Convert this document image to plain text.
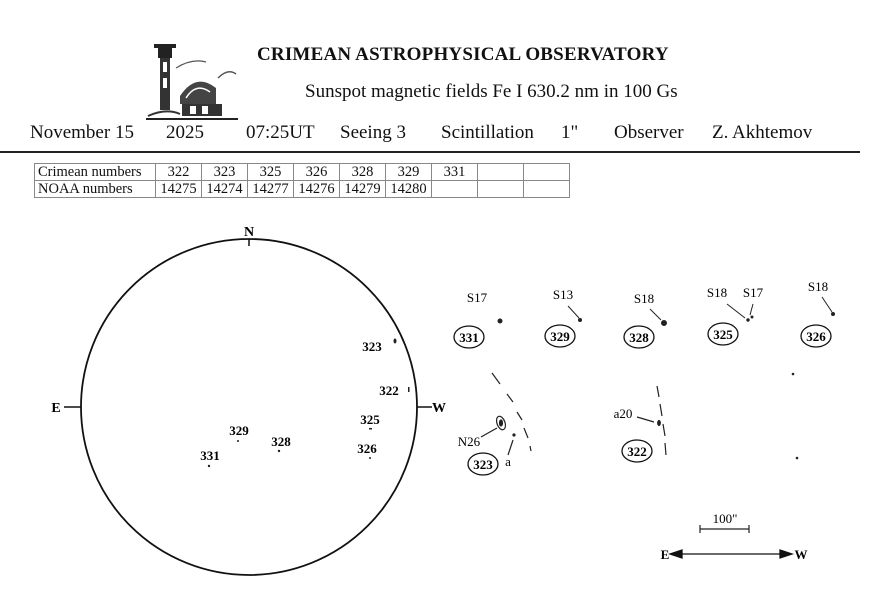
CRIMEAN ASTROPHYSICAL OBSERVATORY
Sunspot magnetic fields Fe I 630.2 nm in 100 Gs
November 15 2025 07:25UT Seeing 3 Scintillation 1" Observer Z. Akhtemov
Crimean numbers	322	323	325	326	328	329	331		
NOAA numbers	14275	14274	14277	14276	14279	14280			
N
E	W
323
322
325
326
329
328
331
S17	S13	S18	S18 S17	S18
331	329	328	325	326
N26
a
323
a20
322
100"
E	W
